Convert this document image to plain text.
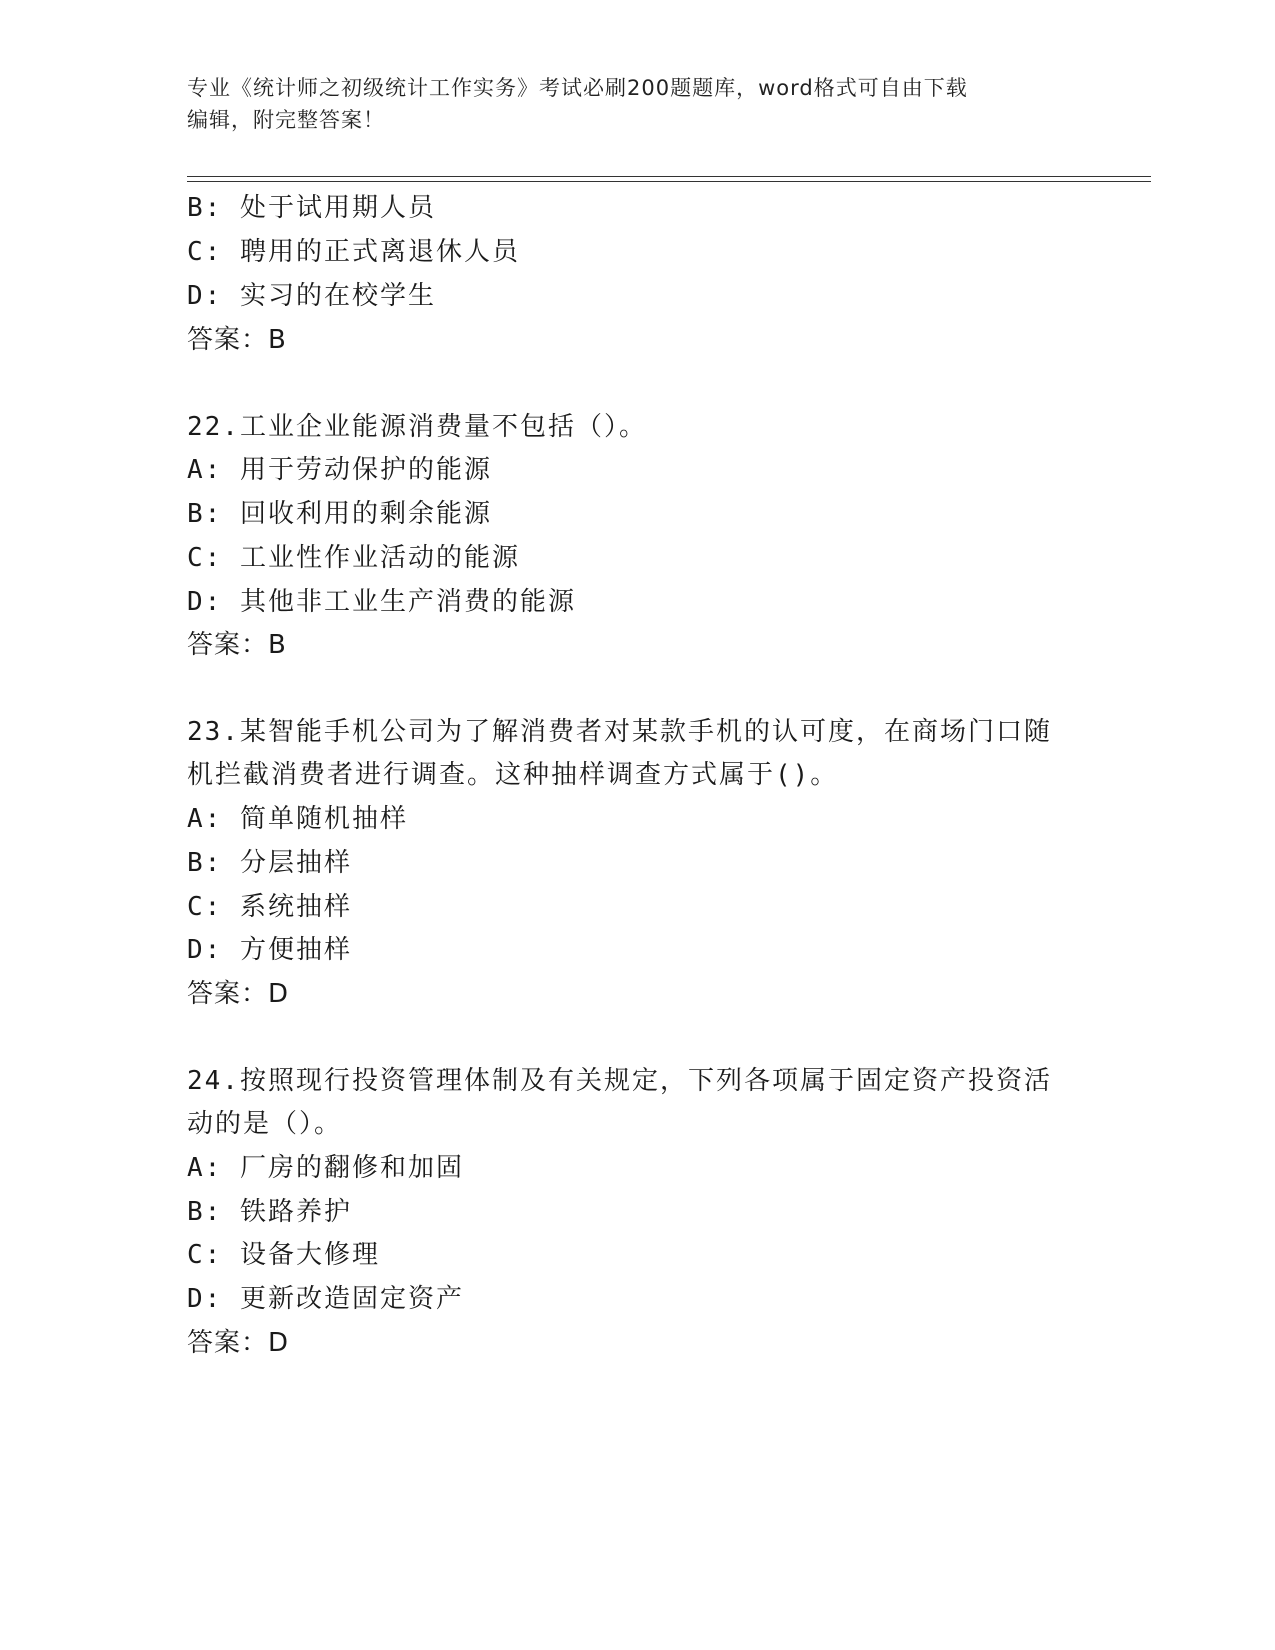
专业《统计师之初级统计工作实务》考试必刷200题题库，word格式可自由下载
编辑，附完整答案！
B: 处于试用期人员
C: 聘用的正式离退休人员
D: 实习的在校学生
答案：B
22.工业企业能源消费量不包括（）。
A: 用于劳动保护的能源
B: 回收利用的剩余能源
C: 工业性作业活动的能源
D: 其他非工业生产消费的能源
答案：B
23.某智能手机公司为了解消费者对某款手机的认可度，在商场门口随
机拦截消费者进行调查。这种抽样调查方式属于()。
A: 简单随机抽样
B: 分层抽样
C: 系统抽样
D: 方便抽样
答案：D
24.按照现行投资管理体制及有关规定，下列各项属于固定资产投资活
动的是（）。
A: 厂房的翻修和加固
B: 铁路养护
C: 设备大修理
D: 更新改造固定资产
答案：D
